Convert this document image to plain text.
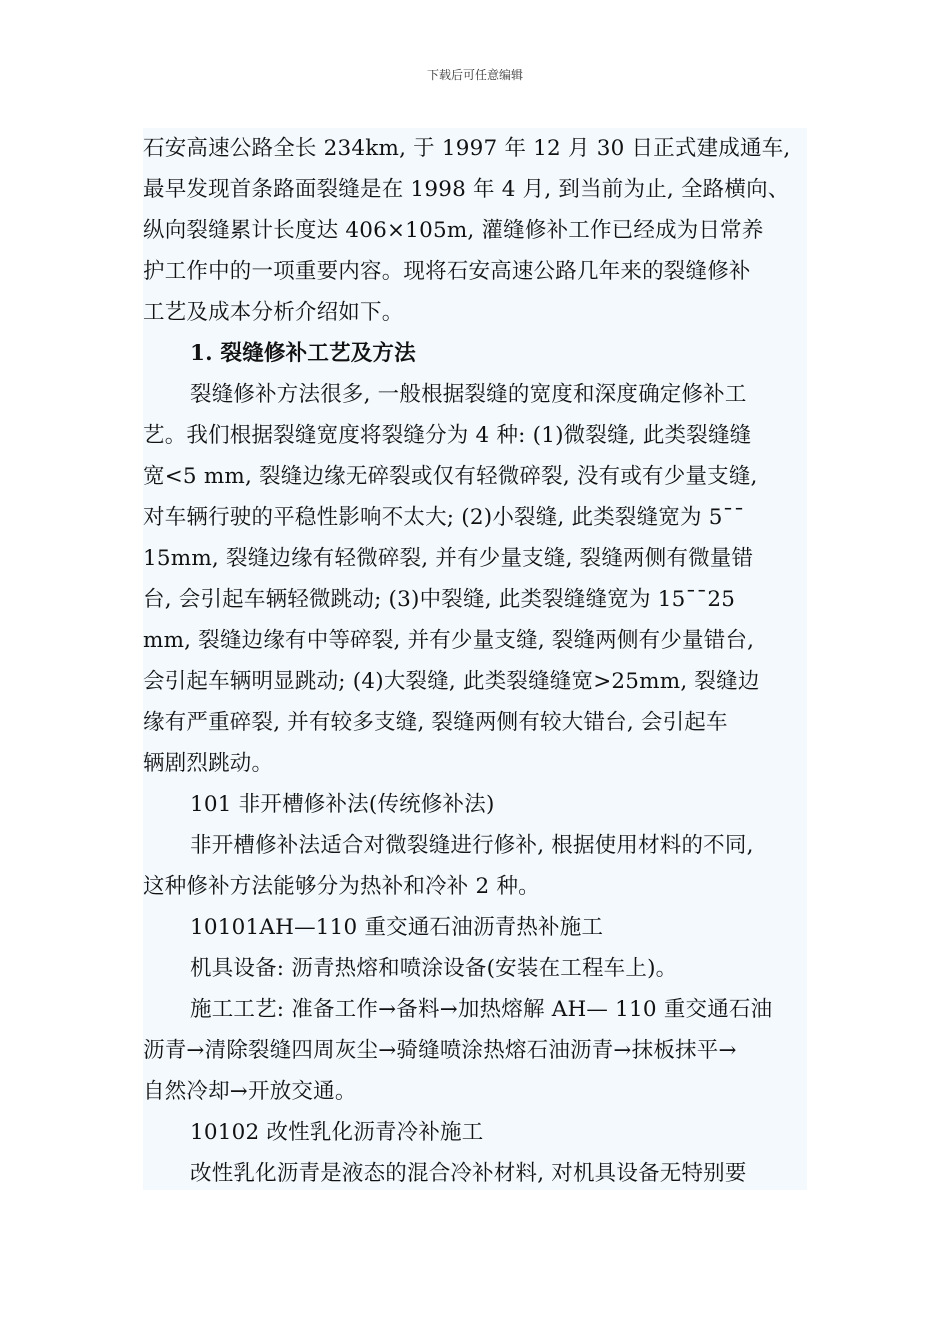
下载后可任意编辑
石安高速公路全长 234km, 于 1997 年 12 月 30 日正式建成通车,
最早发现首条路面裂缝是在 1998 年 4 月, 到当前为止, 全路横向、
纵向裂缝累计长度达 406×105m, 灌缝修补工作已经成为日常养
护工作中的一项重要内容。现将石安高速公路几年来的裂缝修补
工艺及成本分析介绍如下。
1. 裂缝修补工艺及方法
裂缝修补方法很多, 一般根据裂缝的宽度和深度确定修补工
艺。我们根据裂缝宽度将裂缝分为 4 种: (1)微裂缝, 此类裂缝缝
宽<5 mm, 裂缝边缘无碎裂或仅有轻微碎裂, 没有或有少量支缝,
对车辆行驶的平稳性影响不太大; (2)小裂缝, 此类裂缝宽为 5¯¯
15mm, 裂缝边缘有轻微碎裂, 并有少量支缝, 裂缝两侧有微量错
台, 会引起车辆轻微跳动; (3)中裂缝, 此类裂缝缝宽为 15¯¯25
mm, 裂缝边缘有中等碎裂, 并有少量支缝, 裂缝两侧有少量错台,
会引起车辆明显跳动; (4)大裂缝, 此类裂缝缝宽>25mm, 裂缝边
缘有严重碎裂, 并有较多支缝, 裂缝两侧有较大错台, 会引起车
辆剧烈跳动。
101 非开槽修补法(传统修补法)
非开槽修补法适合对微裂缝进行修补, 根据使用材料的不同,
这种修补方法能够分为热补和冷补 2 种。
10101AH—110 重交通石油沥青热补施工
机具设备: 沥青热熔和喷涂设备(安装在工程车上)。
施工工艺: 准备工作→备料→加热熔解 AH— 110 重交通石油
沥青→清除裂缝四周灰尘→骑缝喷涂热熔石油沥青→抹板抹平→
自然冷却→开放交通。
10102 改性乳化沥青冷补施工
改性乳化沥青是液态的混合冷补材料, 对机具设备无特别要
